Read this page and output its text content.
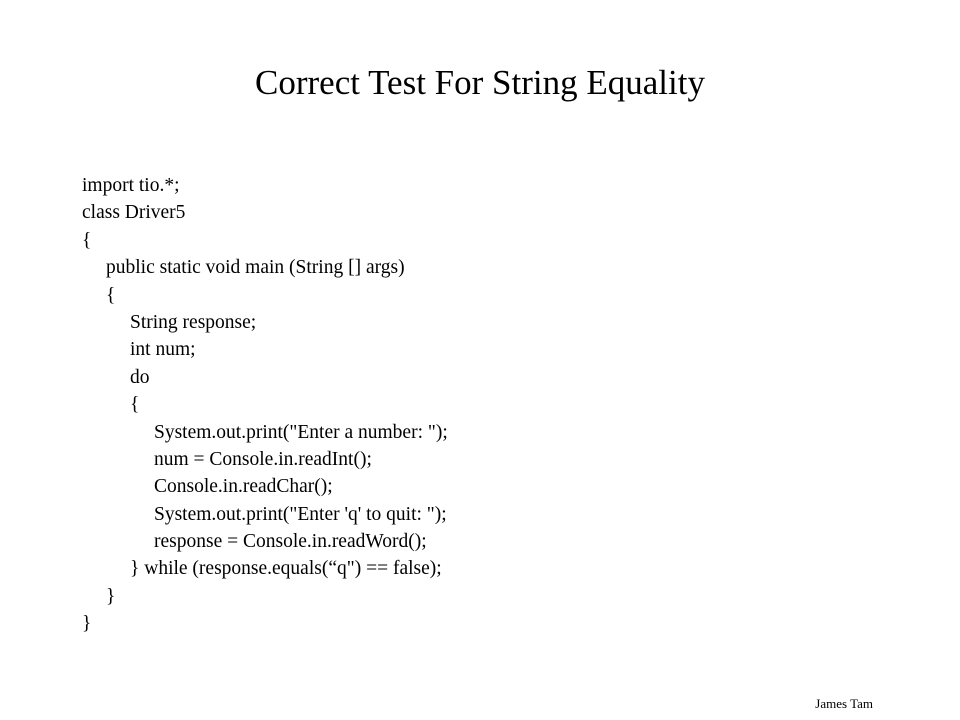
Correct Test For String Equality
import tio.*;
class Driver5
{
public static void main (String [] args)
{
String response;
int num;
do
{
System.out.print("Enter a number: ");
num = Console.in.readInt();
Console.in.readChar();
System.out.print("Enter 'q' to quit: ");
response = Console.in.readWord();
} while (response.equals(“q") == false);
}
}
James Tam
